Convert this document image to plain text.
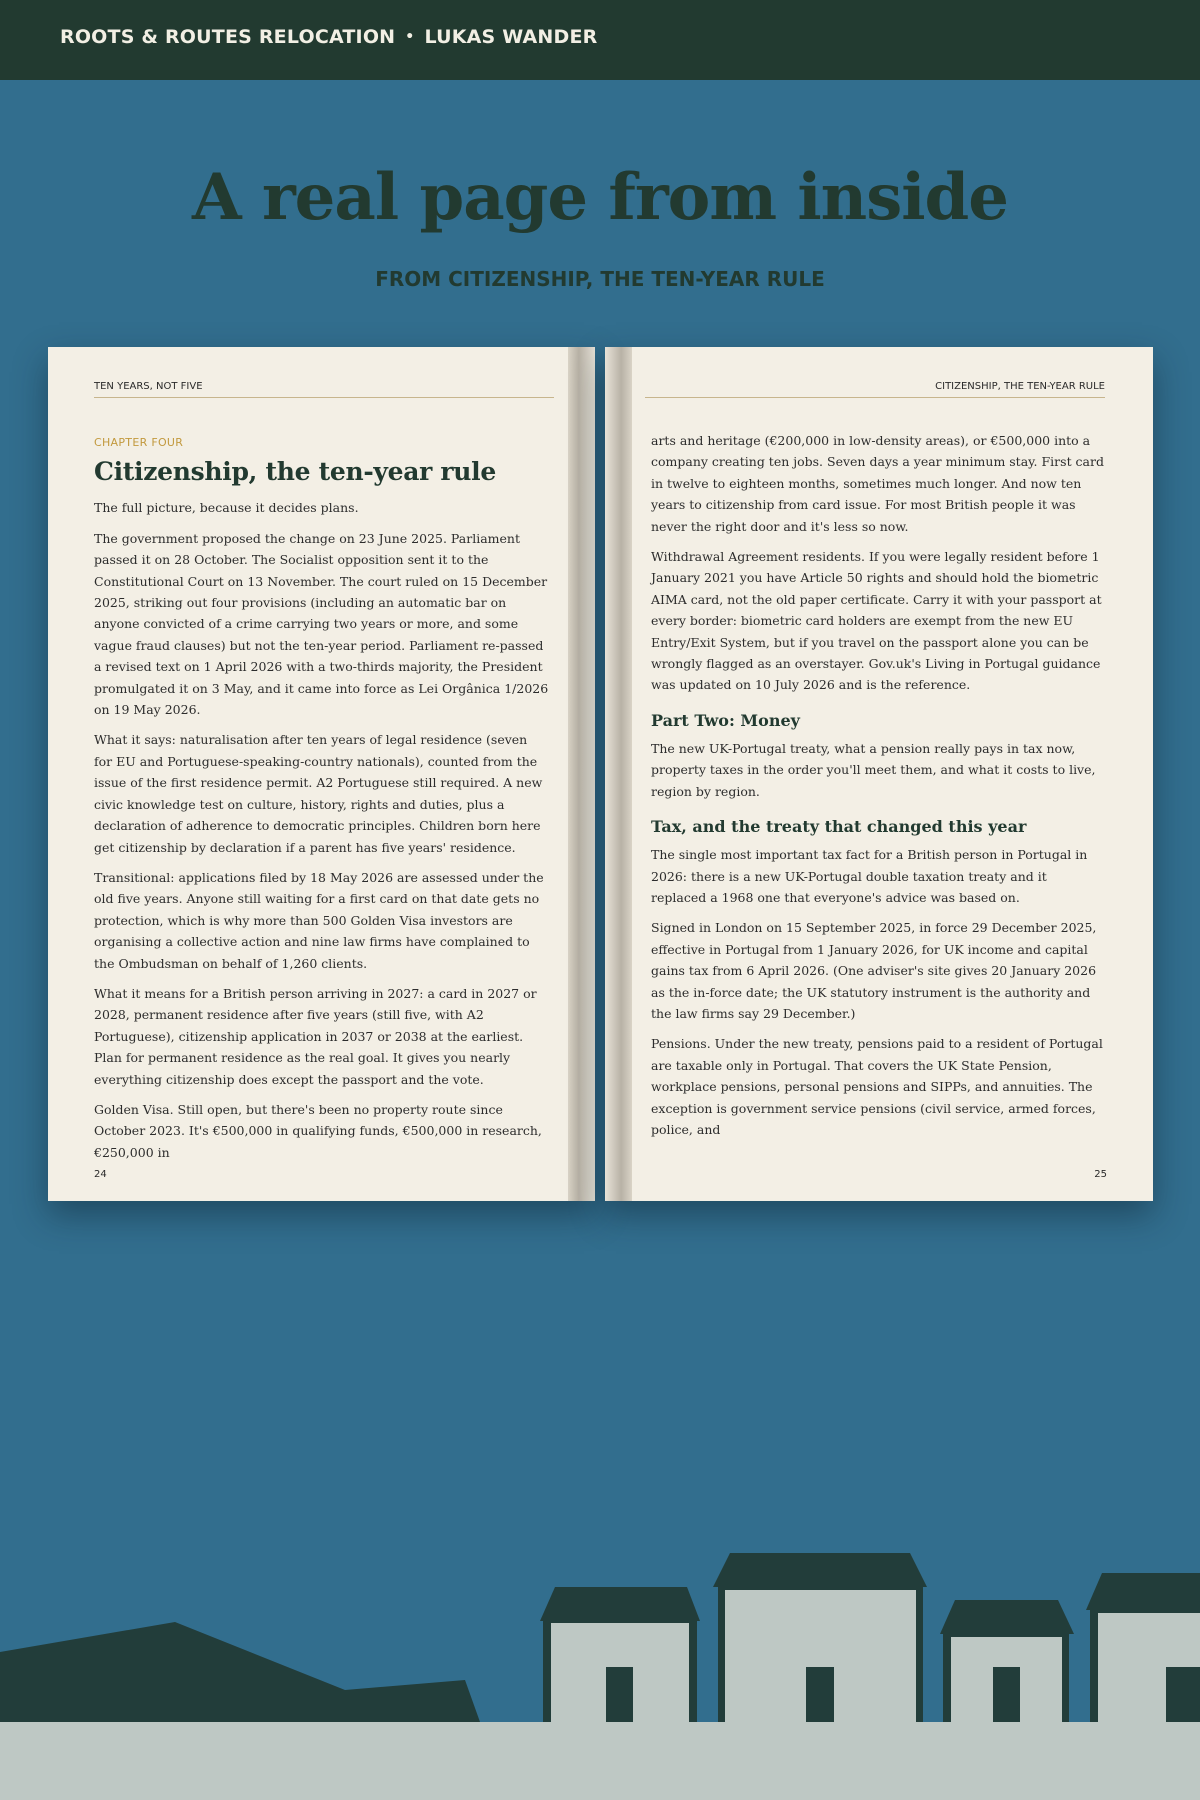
ROOTS & ROUTES RELOCATION • LUKAS WANDER
A real page from inside
FROM CITIZENSHIP, THE TEN-YEAR RULE
TEN YEARS, NOT FIVE
CHAPTER FOUR
Citizenship, the ten-year rule

The full picture, because it decides plans.

The government proposed the change on 23 June 2025. Parliament passed it on 28 October. The Socialist opposition sent it to the Constitutional Court on 13 November. The court ruled on 15 December 2025, striking out four provisions (including an automatic bar on anyone convicted of a crime carrying two years or more, and some vague fraud clauses) but not the ten-year period. Parliament re-passed a revised text on 1 April 2026 with a two-thirds majority, the President promulgated it on 3 May, and it came into force as Lei Orgânica 1/2026 on 19 May 2026.

What it says: naturalisation after ten years of legal residence (seven for EU and Portuguese-speaking-country nationals), counted from the issue of the first residence permit. A2 Portuguese still required. A new civic knowledge test on culture, history, rights and duties, plus a declaration of adherence to democratic principles. Children born here get citizenship by declaration if a parent has five years' residence.

Transitional: applications filed by 18 May 2026 are assessed under the old five years. Anyone still waiting for a first card on that date gets no protection, which is why more than 500 Golden Visa investors are organising a collective action and nine law firms have complained to the Ombudsman on behalf of 1,260 clients.

What it means for a British person arriving in 2027: a card in 2027 or 2028, permanent residence after five years (still five, with A2 Portuguese), citizenship application in 2037 or 2038 at the earliest. Plan for permanent residence as the real goal. It gives you nearly everything citizenship does except the passport and the vote.

Golden Visa. Still open, but there's been no property route since October 2023. It's €500,000 in qualifying funds, €500,000 in research, €250,000 in

24
CITIZENSHIP, THE TEN-YEAR RULE

arts and heritage (€200,000 in low-density areas), or €500,000 into a company creating ten jobs. Seven days a year minimum stay. First card in twelve to eighteen months, sometimes much longer. And now ten years to citizenship from card issue. For most British people it was never the right door and it's less so now.

Withdrawal Agreement residents. If you were legally resident before 1 January 2021 you have Article 50 rights and should hold the biometric AIMA card, not the old paper certificate. Carry it with your passport at every border: biometric card holders are exempt from the new EU Entry/Exit System, but if you travel on the passport alone you can be wrongly flagged as an overstayer. Gov.uk's Living in Portugal guidance was updated on 10 July 2026 and is the reference.

Part Two: Money

The new UK-Portugal treaty, what a pension really pays in tax now, property taxes in the order you'll meet them, and what it costs to live, region by region.

Tax, and the treaty that changed this year

The single most important tax fact for a British person in Portugal in 2026: there is a new UK-Portugal double taxation treaty and it replaced a 1968 one that everyone's advice was based on.

Signed in London on 15 September 2025, in force 29 December 2025, effective in Portugal from 1 January 2026, for UK income and capital gains tax from 6 April 2026. (One adviser's site gives 20 January 2026 as the in-force date; the UK statutory instrument is the authority and the law firms say 29 December.)

Pensions. Under the new treaty, pensions paid to a resident of Portugal are taxable only in Portugal. That covers the UK State Pension, workplace pensions, personal pensions and SIPPs, and annuities. The exception is government service pensions (civil service, armed forces, police, and

25
